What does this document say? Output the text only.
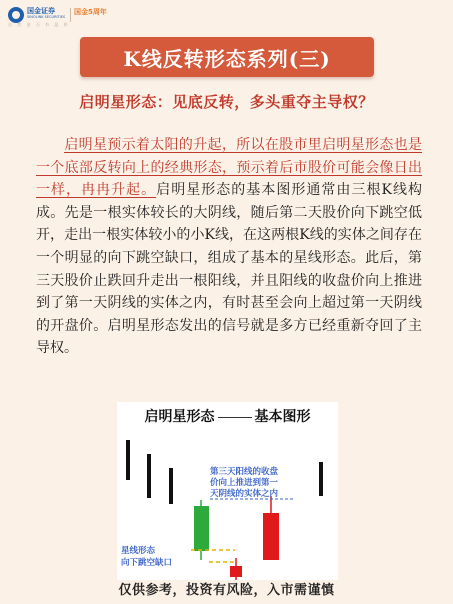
国金证券
SINOLINK SECURITIES
国金5周年
自 然 金 石 有 温 和
K线反转形态系列(三)
启明星形态：见底反转，多头重夺主导权？

启明星预示着太阳的升起，所以在股市里启明星形态也是一个底部反转向上的经典形态，预示着后市股价可能会像日出一样，冉冉升起。启明星形态的基本图形通常由三根K线构成。先是一根实体较长的大阴线，随后第二天股价向下跳空低开，走出一根实体较小的小K线，在这两根K线的实体之间存在一个明显的向下跳空缺口，组成了基本的星线形态。此后，第三天股价止跌回升走出一根阳线，并且阳线的收盘价向上推进到了第一天阴线的实体之内，有时甚至会向上超过第一天阴线的开盘价。启明星形态发出的信号就是多方已经重新夺回了主导权。

第三天阳线的收盘
价向上推进到第一
天阴线的实体之内
星线形态
向下跳空缺口
启明星形态	基本图形
仅供参考，投资有风险，入市需谨慎
